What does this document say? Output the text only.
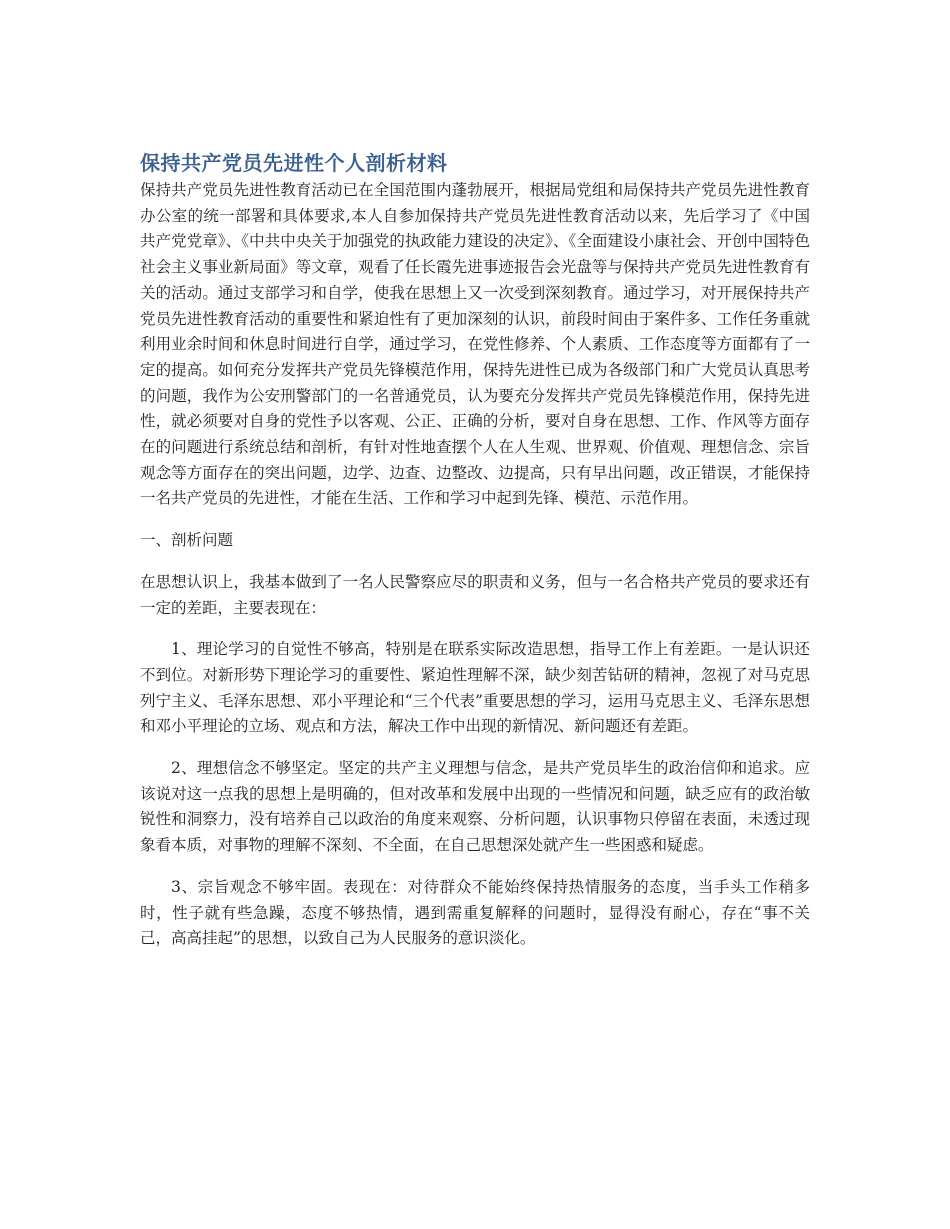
保持共产党员先进性个人剖析材料

保持共产党员先进性教育活动已在全国范围内蓬勃展开，根据局党组和局保持共产党员先进性教育办公室的统一部署和具体要求,本人自参加保持共产党员先进性教育活动以来，先后学习了《中国共产党党章》、《中共中央关于加强党的执政能力建设的决定》、《全面建设小康社会、开创中国特色社会主义事业新局面》等文章，观看了任长霞先进事迹报告会光盘等与保持共产党员先进性教育有关的活动。通过支部学习和自学，使我在思想上又一次受到深刻教育。通过学习，对开展保持共产党员先进性教育活动的重要性和紧迫性有了更加深刻的认识，前段时间由于案件多、工作任务重就利用业余时间和休息时间进行自学，通过学习，在党性修养、个人素质、工作态度等方面都有了一定的提高。如何充分发挥共产党员先锋模范作用，保持先进性已成为各级部门和广大党员认真思考的问题，我作为公安刑警部门的一名普通党员，认为要充分发挥共产党员先锋模范作用，保持先进性，就必须要对自身的党性予以客观、公正、正确的分析，要对自身在思想、工作、作风等方面存在的问题进行系统总结和剖析，有针对性地查摆个人在人生观、世界观、价值观、理想信念、宗旨观念等方面存在的突出问题，边学、边查、边整改、边提高，只有早出问题，改正错误，才能保持一名共产党员的先进性，才能在生活、工作和学习中起到先锋、模范、示范作用。

一、剖析问题

在思想认识上，我基本做到了一名人民警察应尽的职责和义务，但与一名合格共产党员的要求还有一定的差距，主要表现在：

1、理论学习的自觉性不够高，特别是在联系实际改造思想，指导工作上有差距。一是认识还不到位。对新形势下理论学习的重要性、紧迫性理解不深，缺少刻苦钻研的精神，忽视了对马克思列宁主义、毛泽东思想、邓小平理论和“三个代表”重要思想的学习，运用马克思主义、毛泽东思想和邓小平理论的立场、观点和方法，解决工作中出现的新情况、新问题还有差距。

2、理想信念不够坚定。坚定的共产主义理想与信念，是共产党员毕生的政治信仰和追求。应该说对这一点我的思想上是明确的，但对改革和发展中出现的一些情况和问题，缺乏应有的政治敏锐性和洞察力，没有培养自己以政治的角度来观察、分析问题，认识事物只停留在表面，未透过现象看本质，对事物的理解不深刻、不全面，在自己思想深处就产生一些困惑和疑虑。

3、宗旨观念不够牢固。表现在：对待群众不能始终保持热情服务的态度，当手头工作稍多时，性子就有些急躁，态度不够热情，遇到需重复解释的问题时，显得没有耐心，存在“事不关己，高高挂起”的思想，以致自己为人民服务的意识淡化。
